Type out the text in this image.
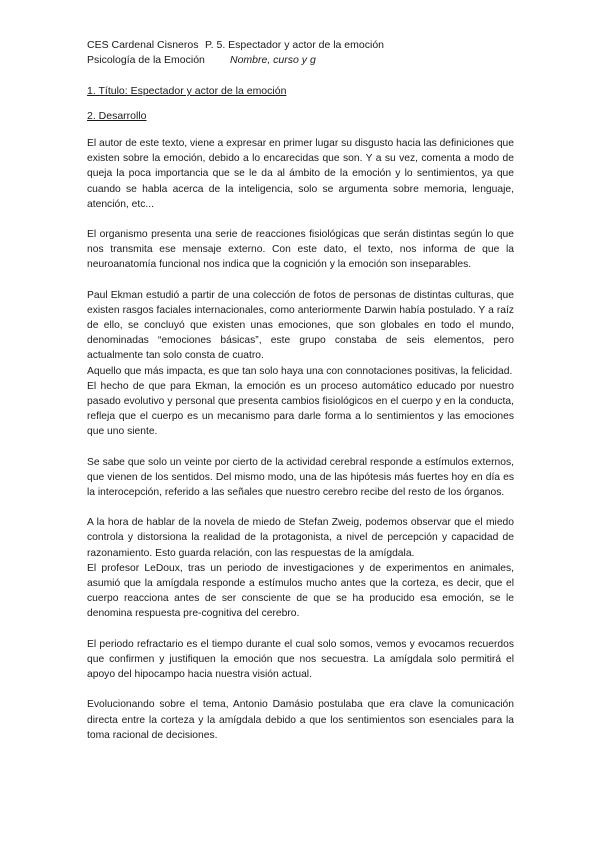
CES Cardenal Cisneros P. 5. Espectador y actor de la emoción
Psicología de la Emoción Nombre, curso y g
1. Título: Espectador y actor de la emoción
2. Desarrollo

El autor de este texto, viene a expresar en primer lugar su disgusto hacia las definiciones que existen sobre la emoción, debido a lo encarecidas que son. Y a su vez, comenta a modo de queja la poca importancia que se le da al ámbito de la emoción y lo sentimientos, ya que cuando se habla acerca de la inteligencia, solo se argumenta sobre memoria, lenguaje, atención, etc...

El organismo presenta una serie de reacciones fisiológicas que serán distintas según lo que nos transmita ese mensaje externo. Con este dato, el texto, nos informa de que la neuroanatomía funcional nos indica que la cognición y la emoción son inseparables.

Paul Ekman estudió a partir de una colección de fotos de personas de distintas culturas, que existen rasgos faciales internacionales, como anteriormente Darwin había postulado. Y a raíz de ello, se concluyó que existen unas emociones, que son globales en todo el mundo, denominadas “emociones básicas”, este grupo constaba de seis elementos, pero actualmente tan solo consta de cuatro.

Aquello que más impacta, es que tan solo haya una con connotaciones positivas, la felicidad.

El hecho de que para Ekman, la emoción es un proceso automático educado por nuestro pasado evolutivo y personal que presenta cambios fisiológicos en el cuerpo y en la conducta, refleja que el cuerpo es un mecanismo para darle forma a lo sentimientos y las emociones que uno siente.

Se sabe que solo un veinte por cierto de la actividad cerebral responde a estímulos externos, que vienen de los sentidos. Del mismo modo, una de las hipótesis más fuertes hoy en día es la interocepción, referido a las señales que nuestro cerebro recibe del resto de los órganos.

A la hora de hablar de la novela de miedo de Stefan Zweig, podemos observar que el miedo controla y distorsiona la realidad de la protagonista, a nivel de percepción y capacidad de razonamiento. Esto guarda relación, con las respuestas de la amígdala.

El profesor LeDoux, tras un periodo de investigaciones y de experimentos en animales, asumió que la amígdala responde a estímulos mucho antes que la corteza, es decir, que el cuerpo reacciona antes de ser consciente de que se ha producido esa emoción, se le denomina respuesta pre-cognitiva del cerebro.

El periodo refractario es el tiempo durante el cual solo somos, vemos y evocamos recuerdos que confirmen y justifiquen la emoción que nos secuestra. La amígdala solo permitirá el apoyo del hipocampo hacia nuestra visión actual.

Evolucionando sobre el tema, Antonio Damásio postulaba que era clave la comunicación directa entre la corteza y la amígdala debido a que los sentimientos son esenciales para la toma racional de decisiones.
